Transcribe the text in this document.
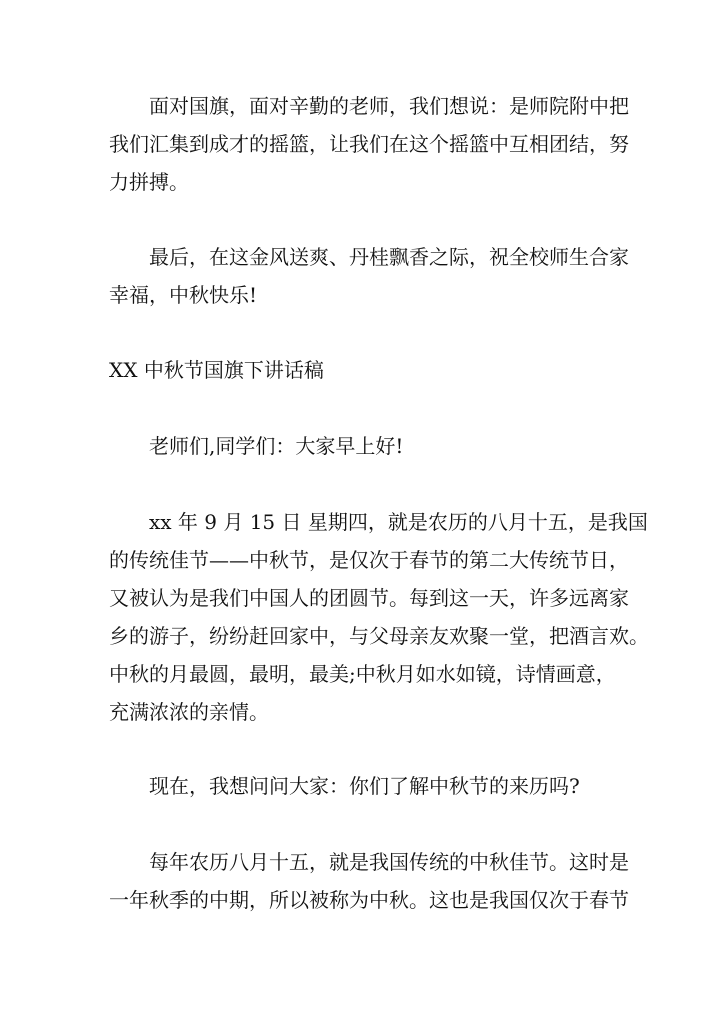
面对国旗，面对辛勤的老师，我们想说：是师院附中把
我们汇集到成才的摇篮，让我们在这个摇篮中互相团结，努
力拼搏。
最后，在这金风送爽、丹桂飘香之际，祝全校师生合家
幸福，中秋快乐!
XX 中秋节国旗下讲话稿
老师们,同学们：大家早上好!
xx 年 9 月 15 日 星期四，就是农历的八月十五，是我国
的传统佳节——中秋节，是仅次于春节的第二大传统节日，
又被认为是我们中国人的团圆节。每到这一天，许多远离家
乡的游子，纷纷赶回家中，与父母亲友欢聚一堂，把酒言欢。
中秋的月最圆，最明，最美;中秋月如水如镜，诗情画意，
充满浓浓的亲情。
现在，我想问问大家：你们了解中秋节的来历吗?
每年农历八月十五，就是我国传统的中秋佳节。这时是
一年秋季的中期，所以被称为中秋。这也是我国仅次于春节
